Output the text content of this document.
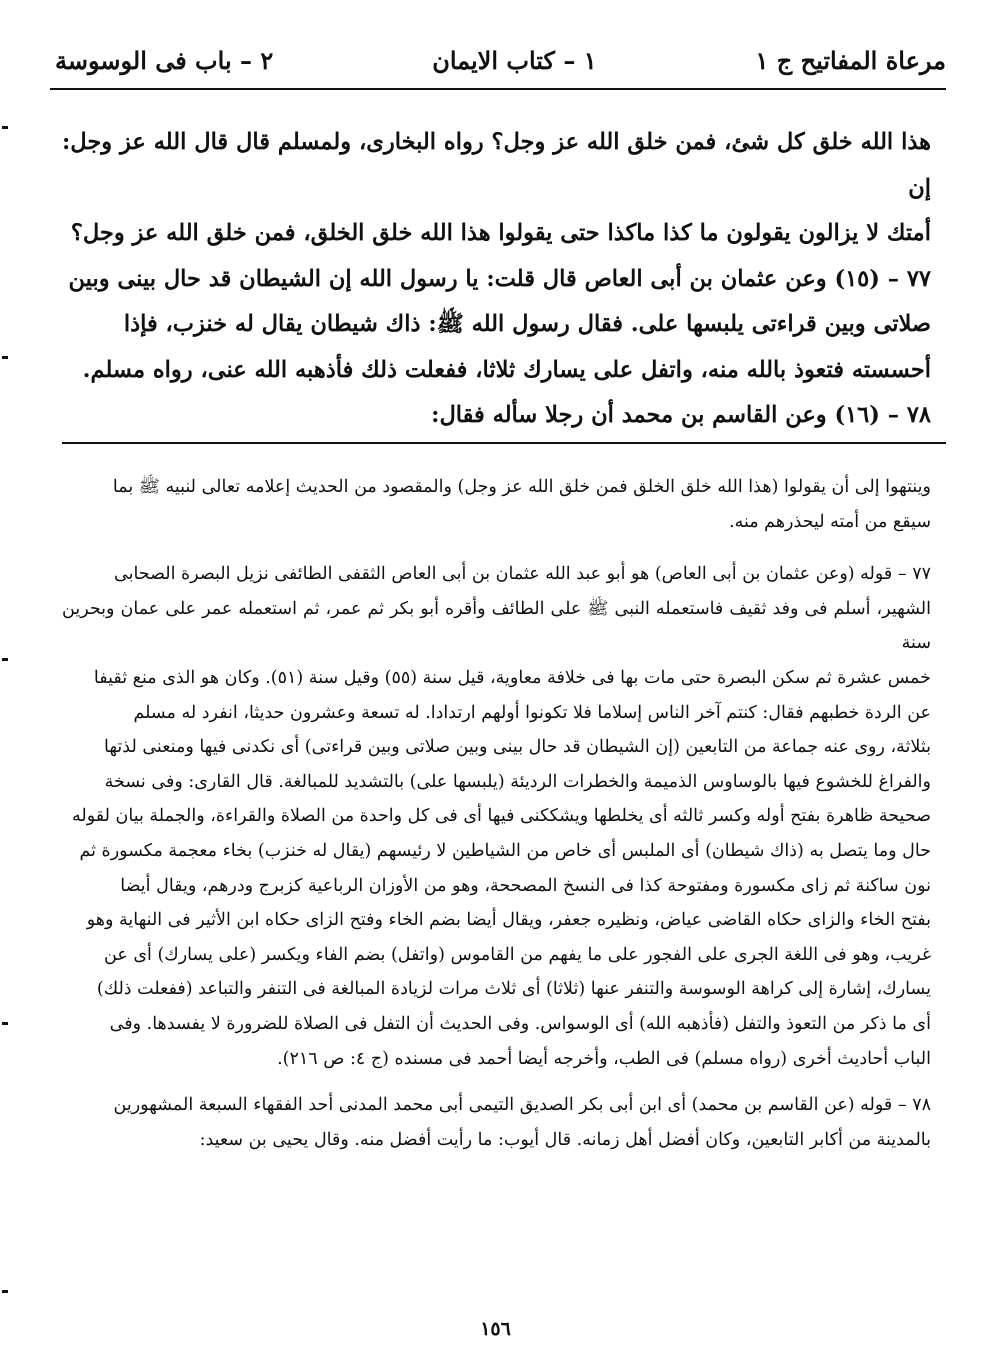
مرعاة المفاتيح ج ١
١ – كتاب الايمان
٢ – باب فى الوسوسة

هذا الله خلق كل شئ، فمن خلق الله عز وجل؟ رواه البخارى، ولمسلم قال قال الله عز وجل: إن

أمتك لا يزالون يقولون ما كذا ماكذا حتى يقولوا هذا الله خلق الخلق، فمن خلق الله عز وجل؟

٧٧ – (١٥) وعن عثمان بن أبى العاص قال قلت: يا رسول الله إن الشيطان قد حال بينى وبين

صلاتى وبين قراءتى يلبسها على. فقال رسول الله ﷺ: ذاك شيطان يقال له خنزب، فإذا

أحسسته فتعوذ بالله منه، واتفل على يسارك ثلاثا، ففعلت ذلك فأذهبه الله عنى، رواه مسلم.

٧٨ – (١٦) وعن القاسم بن محمد أن رجلا سأله فقال:

وينتهوا إلى أن يقولوا (هذا الله خلق الخلق فمن خلق الله عز وجل) والمقصود من الحديث إعلامه تعالى لنبيه ﷺ بما

سيقع من أمته ليحذرهم منه.

٧٧ – قوله (وعن عثمان بن أبى العاص) هو أبو عبد الله عثمان بن أبى العاص الثقفى الطائفى نزيل البصرة الصحابى

الشهير، أسلم فى وفد ثقيف فاستعمله النبى ﷺ على الطائف وأقره أبو بكر ثم عمر، ثم استعمله عمر على عمان وبحرين سنة

خمس عشرة ثم سكن البصرة حتى مات بها فى خلافة معاوية، قيل سنة (٥٥) وقيل سنة (٥١). وكان هو الذى منع ثقيفا

عن الردة خطبهم فقال: كنتم آخر الناس إسلاما فلا تكونوا أولهم ارتدادا. له تسعة وعشرون حديثا، انفرد له مسلم

بثلاثة، روى عنه جماعة من التابعين (إن الشيطان قد حال بينى وبين صلاتى وبين قراءتى) أى نكدنى فيها ومنعنى لذتها

والفراغ للخشوع فيها بالوساوس الذميمة والخطرات الرديئة (يلبسها على) بالتشديد للمبالغة. قال القارى: وفى نسخة

صحيحة ظاهرة بفتح أوله وكسر ثالثه أى يخلطها ويشككنى فيها أى فى كل واحدة من الصلاة والقراءة، والجملة بيان لقوله

حال وما يتصل به (ذاك شيطان) أى الملبس أى خاص من الشياطين لا رئيسهم (يقال له خنزب) بخاء معجمة مكسورة ثم

نون ساكنة ثم زاى مكسورة ومفتوحة كذا فى النسخ المصححة، وهو من الأوزان الرباعية كزبرج ودرهم، ويقال أيضا

بفتح الخاء والزاى حكاه القاضى عياض، ونظيره جعفر، ويقال أيضا بضم الخاء وفتح الزاى حكاه ابن الأثير فى النهاية وهو

غريب، وهو فى اللغة الجرى على الفجور على ما يفهم من القاموس (واتفل) بضم الفاء ويكسر (على يسارك) أى عن

يسارك، إشارة إلى كراهة الوسوسة والتنفر عنها (ثلاثا) أى ثلاث مرات لزيادة المبالغة فى التنفر والتباعد (ففعلت ذلك)

أى ما ذكر من التعوذ والتفل (فأذهبه الله) أى الوسواس. وفى الحديث أن التفل فى الصلاة للضرورة لا يفسدها. وفى

الباب أحاديث أخرى (رواه مسلم) فى الطب، وأخرجه أيضا أحمد فى مسنده (ج ٤: ص ٢١٦).

٧٨ – قوله (عن القاسم بن محمد) أى ابن أبى بكر الصديق التيمى أبى محمد المدنى أحد الفقهاء السبعة المشهورين

بالمدينة من أكابر التابعين، وكان أفضل أهل زمانه. قال أيوب: ما رأيت أفضل منه. وقال يحيى بن سعيد:

١٥٦
